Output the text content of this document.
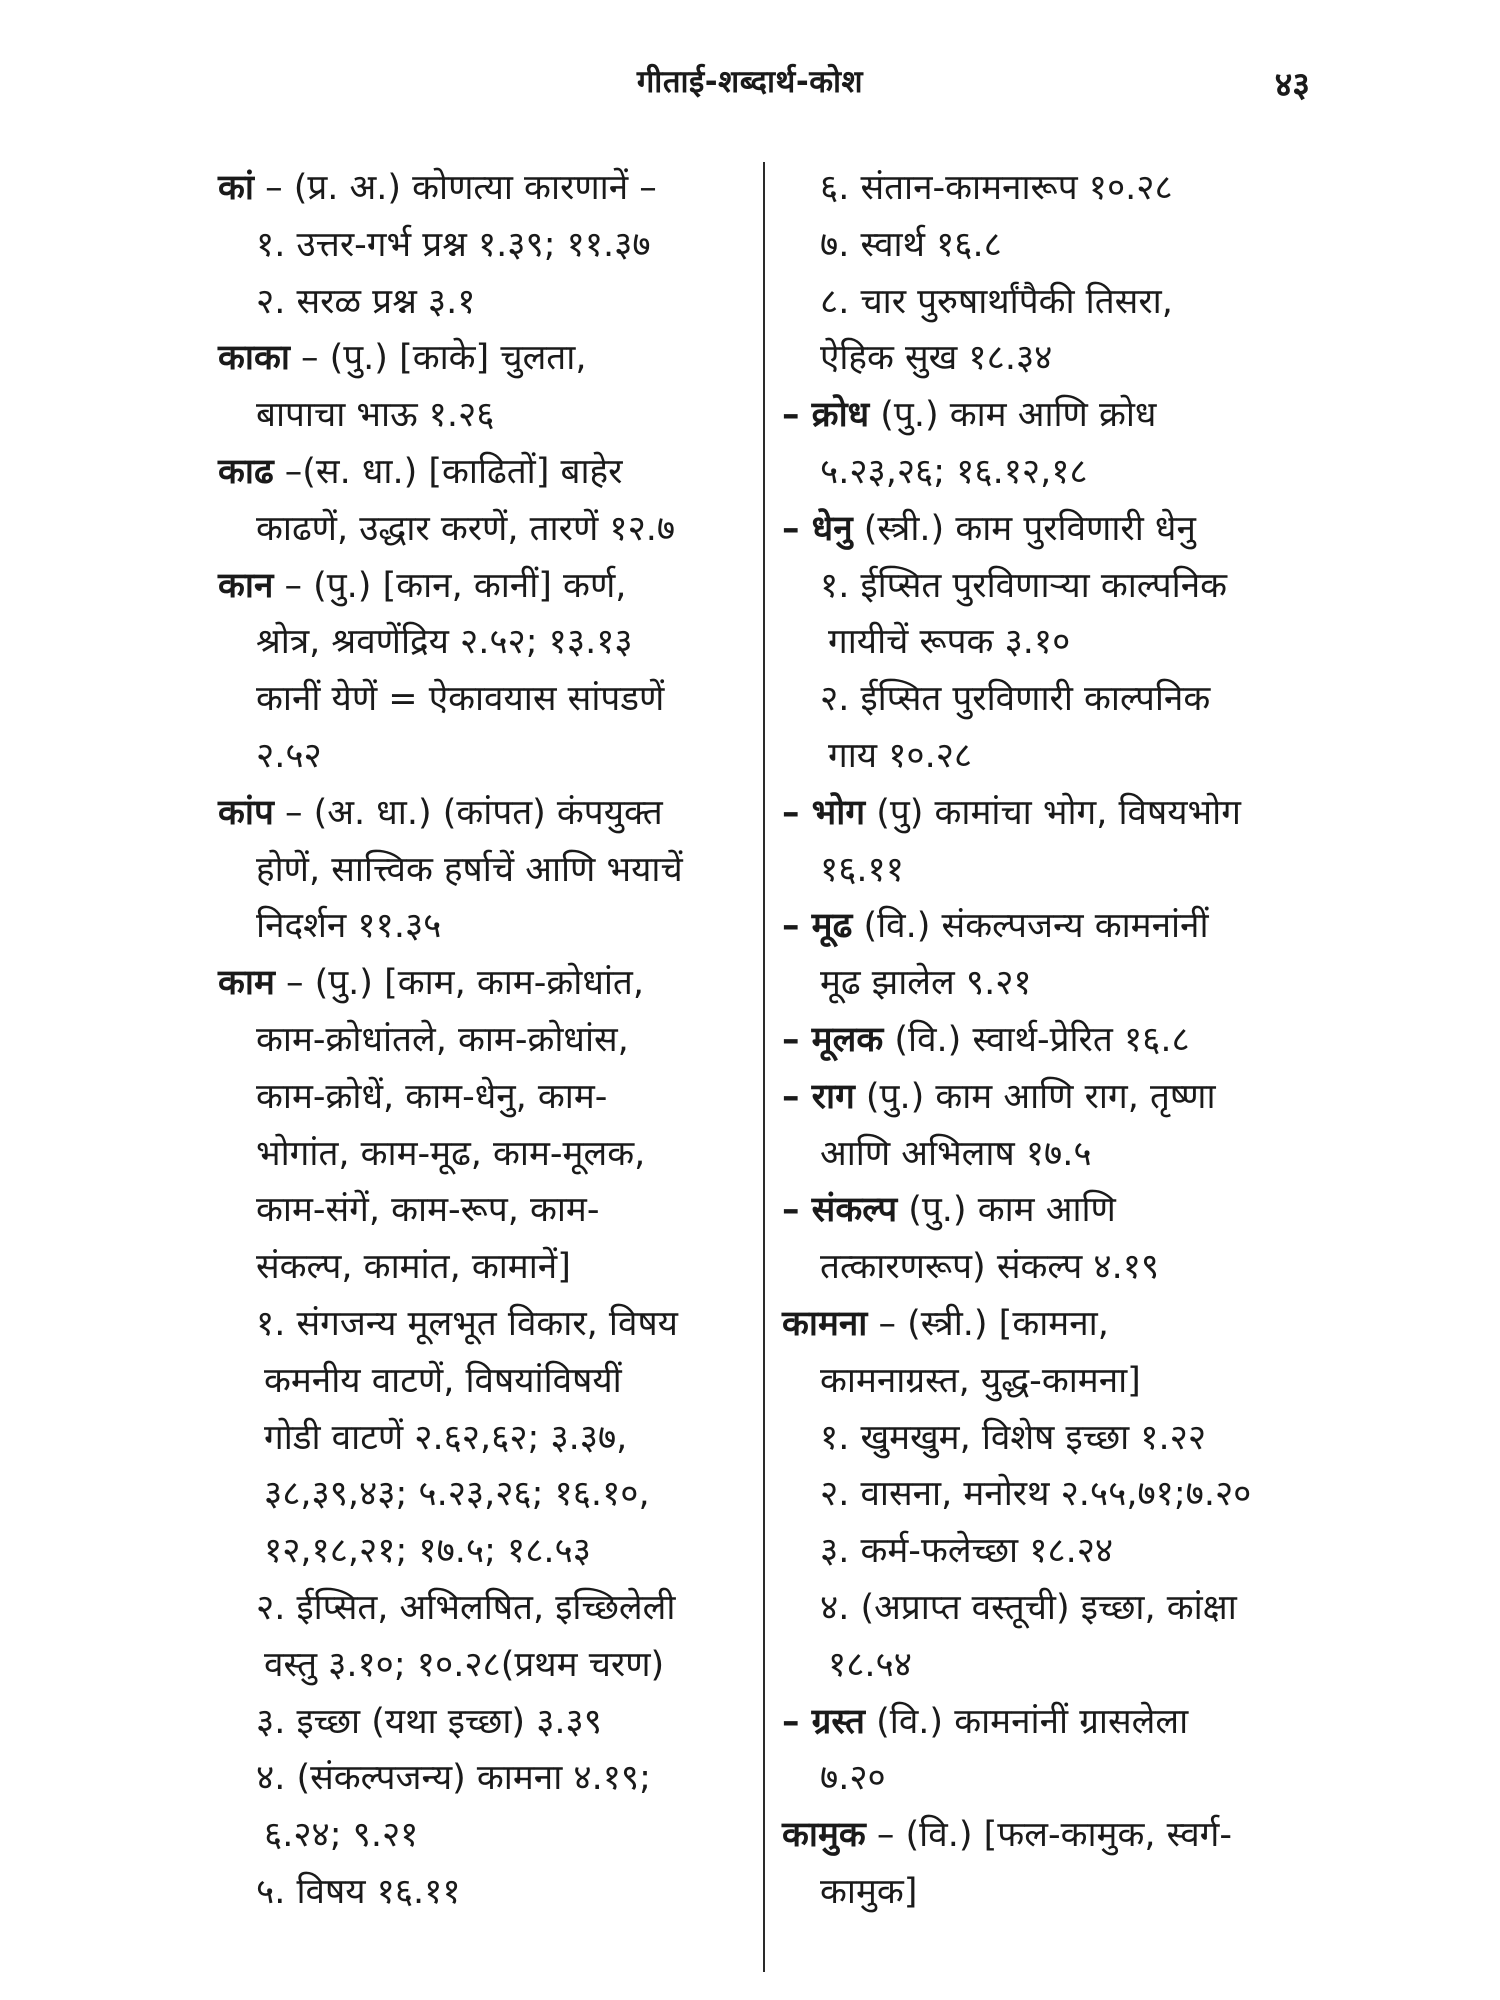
गीताई-शब्दार्थ-कोश	४३
कां – (प्र. अ.) कोणत्या कारणानें –
१. उत्तर-गर्भ प्रश्न १.३९; ११.३७
२. सरळ प्रश्न ३.१
काका – (पु.) [काके] चुलता,
बापाचा भाऊ १.२६
काढ –(स. धा.) [काढितों] बाहेर
काढणें, उद्धार करणें, तारणें १२.७
कान – (पु.) [कान, कानीं] कर्ण,
श्रोत्र, श्रवणेंद्रिय २.५२; १३.१३
कानीं येणें = ऐकावयास सांपडणें
२.५२
कांप – (अ. धा.) (कांपत) कंपयुक्त
होणें, सात्त्विक हर्षाचें आणि भयाचें
निदर्शन ११.३५
काम – (पु.) [काम, काम-क्रोधांत,
काम-क्रोधांतले, काम-क्रोधांस,
काम-क्रोधें, काम-धेनु, काम-
भोगांत, काम-मूढ, काम-मूलक,
काम-संगें, काम-रूप, काम-
संकल्प, कामांत, कामानें]
१. संगजन्य मूलभूत विकार, विषय
कमनीय वाटणें, विषयांविषयीं
गोडी वाटणें २.६२,६२; ३.३७,
३८,३९,४३; ५.२३,२६; १६.१०,
१२,१८,२१; १७.५; १८.५३
२. ईप्सित, अभिलषित, इच्छिलेली
वस्तु ३.१०; १०.२८(प्रथम चरण)
३. इच्छा (यथा इच्छा) ३.३९
४. (संकल्पजन्य) कामना ४.१९;
६.२४; ९.२१
५. विषय १६.११
६. संतान-कामनारूप १०.२८
७. स्वार्थ १६.८
८. चार पुरुषार्थांपैकी तिसरा,
ऐहिक सुख १८.३४
– क्रोध (पु.) काम आणि क्रोध
५.२३,२६; १६.१२,१८
– धेनु (स्त्री.) काम पुरविणारी धेनु
१. ईप्सित पुरविणाऱ्या काल्पनिक
गायीचें रूपक ३.१०
२. ईप्सित पुरविणारी काल्पनिक
गाय १०.२८
– भोग (पु) कामांचा भोग, विषयभोग
१६.११
– मूढ (वि.) संकल्पजन्य कामनांनीं
मूढ झालेल ९.२१
– मूलक (वि.) स्वार्थ-प्रेरित १६.८
– राग (पु.) काम आणि राग, तृष्णा
आणि अभिलाष १७.५
– संकल्प (पु.) काम आणि
तत्कारणरूप) संकल्प ४.१९
कामना – (स्त्री.) [कामना,
कामनाग्रस्त, युद्ध-कामना]
१. खुमखुम, विशेष इच्छा १.२२
२. वासना, मनोरथ २.५५,७१;७.२०
३. कर्म-फलेच्छा १८.२४
४. (अप्राप्त वस्तूची) इच्छा, कांक्षा
१८.५४
– ग्रस्त (वि.) कामनांनीं ग्रासलेला
७.२०
कामुक – (वि.) [फल-कामुक, स्वर्ग-
कामुक]
